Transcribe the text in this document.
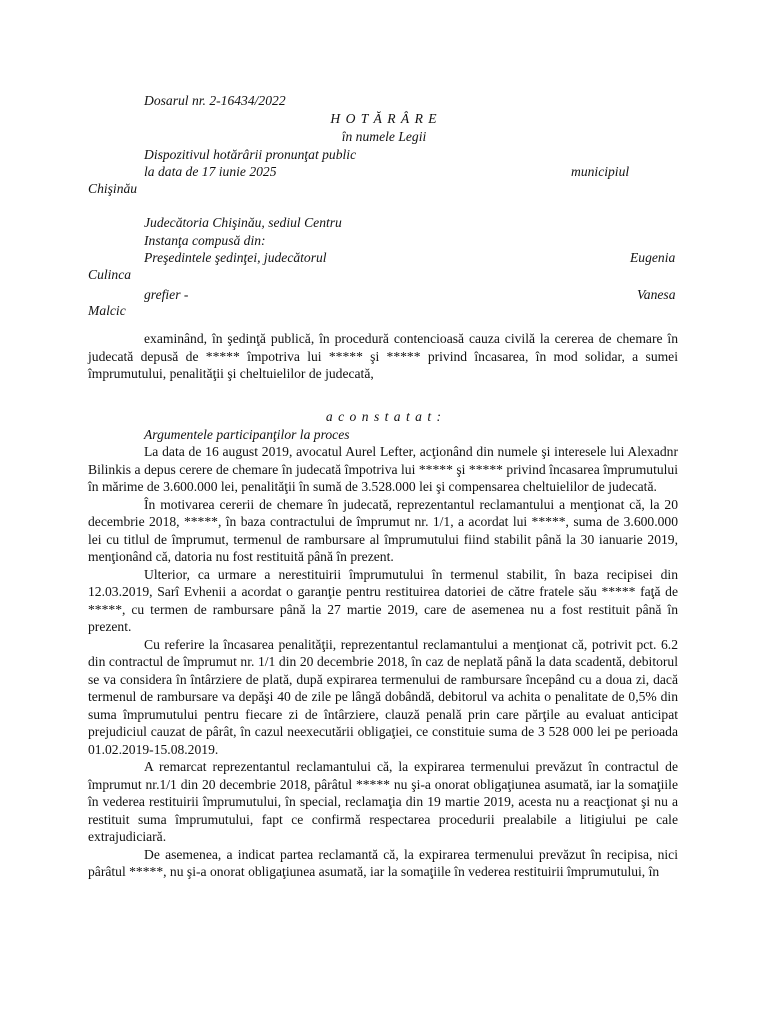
Dosarul nr. 2-16434/2022
H O T Ă R Â R E
în numele Legii
Dispozitivul hotărârii pronunţat public
la data de 17 iunie 2025	municipiul
Chişinău
Judecătoria Chişinău, sediul Centru
Instanţa compusă din:
Preşedintele şedinţei, judecătorul	Eugenia
Culinca
grefier -	Vanesa
Malcic

examinând, în şedinţă publică, în procedură contencioasă cauza civilă la cererea de chemare în judecată depusă de ***** împotriva lui ***** şi ***** privind încasarea, în mod solidar, a sumei împrumutului, penalităţii şi cheltuielilor de judecată,

a c o n s t a t a t :
Argumentele participanţilor la proces

La data de 16 august 2019, avocatul Aurel Lefter, acţionând din numele şi interesele lui Alexadnr Bilinkis a depus cerere de chemare în judecată împotriva lui ***** şi ***** privind încasarea împrumutului în mărime de 3.600.000 lei, penalităţii în sumă de 3.528.000 lei şi compensarea cheltuielilor de judecată.

În motivarea cererii de chemare în judecată, reprezentantul reclamantului a menţionat că, la 20 decembrie 2018, *****, în baza contractului de împrumut nr. 1/1, a acordat lui *****, suma de 3.600.000 lei cu titlul de împrumut, termenul de rambursare al împrumutului fiind stabilit până la 30 ianuarie 2019, menţionând că, datoria nu fost restituită până în prezent.

Ulterior, ca urmare a nerestituirii împrumutului în termenul stabilit, în baza recipisei din 12.03.2019, Sarî Evhenii a acordat o garanţie pentru restituirea datoriei de către fratele său ***** faţă de *****, cu termen de rambursare până la 27 martie 2019, care de asemenea nu a fost restituit până în prezent.

Cu referire la încasarea penalităţii, reprezentantul reclamantului a menţionat că, potrivit pct. 6.2 din contractul de împrumut nr. 1/1 din 20 decembrie 2018, în caz de neplată până la data scadentă, debitorul se va considera în întârziere de plată, după expirarea termenului de rambursare începând cu a doua zi, dacă termenul de rambursare va depăşi 40 de zile pe lângă dobândă, debitorul va achita o penalitate de 0,5% din suma împrumutului pentru fiecare zi de întârziere, clauză penală prin care părţile au evaluat anticipat prejudiciul cauzat de pârât, în cazul neexecutării obligaţiei, ce constituie suma de 3 528 000 lei pe perioada 01.02.2019-15.08.2019.

A remarcat reprezentantul reclamantului că, la expirarea termenului prevăzut în contractul de împrumut nr.1/1 din 20 decembrie 2018, pârâtul ***** nu şi-a onorat obligaţiunea asumată, iar la somaţiile în vederea restituirii împrumutului, în special, reclamaţia din 19 martie 2019, acesta nu a reacţionat şi nu a restituit suma împrumutului, fapt ce confirmă respectarea procedurii prealabile a litigiului pe cale extrajudiciară.

De asemenea, a indicat partea reclamantă că, la expirarea termenului prevăzut în recipisa, nici pârâtul *****, nu şi-a onorat obligaţiunea asumată, iar la somaţiile în vederea restituirii împrumutului, în
